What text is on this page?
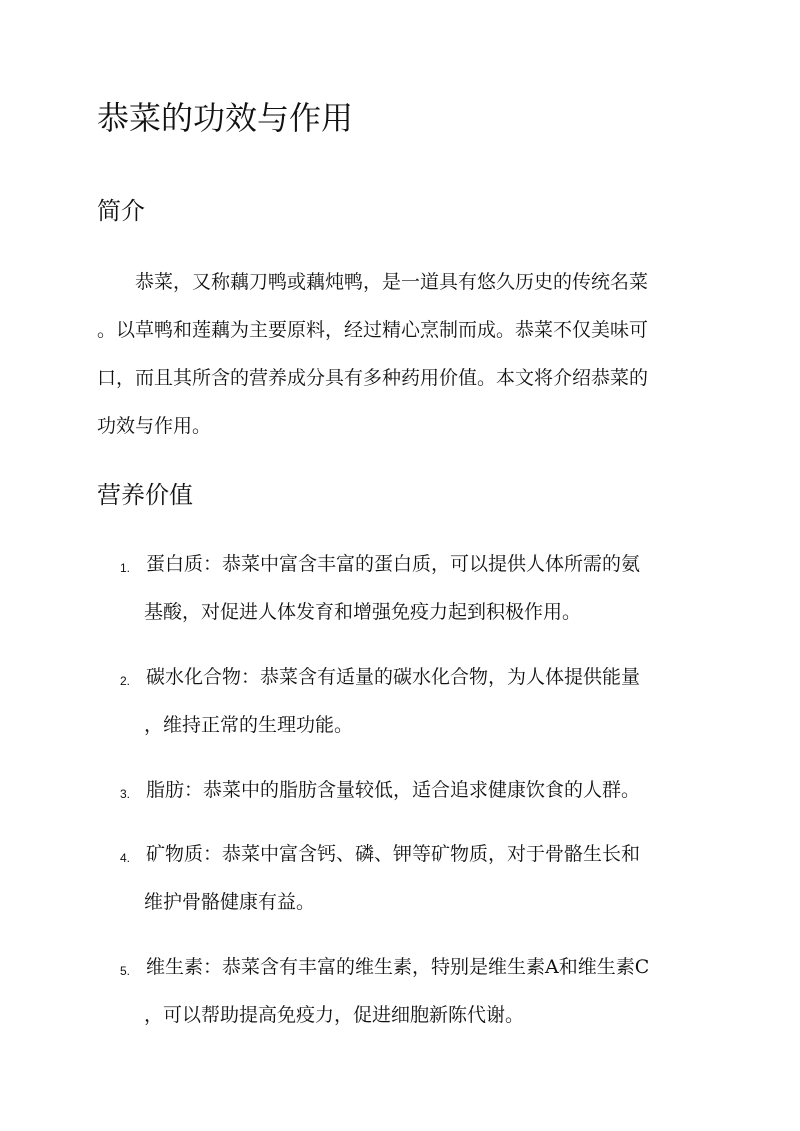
恭菜的功效与作用
简介
恭菜，又称藕刀鸭或藕炖鸭，是一道具有悠久历史的传统名菜
。以草鸭和莲藕为主要原料，经过精心烹制而成。恭菜不仅美味可
口，而且其所含的营养成分具有多种药用价值。本文将介绍恭菜的
功效与作用。
营养价值
1. 蛋白质：恭菜中富含丰富的蛋白质，可以提供人体所需的氨
基酸，对促进人体发育和增强免疫力起到积极作用。
2. 碳水化合物：恭菜含有适量的碳水化合物，为人体提供能量
，维持正常的生理功能。
3. 脂肪：恭菜中的脂肪含量较低，适合追求健康饮食的人群。
4. 矿物质：恭菜中富含钙、磷、钾等矿物质，对于骨骼生长和
维护骨骼健康有益。
5. 维生素：恭菜含有丰富的维生素，特别是维生素A和维生素C
，可以帮助提高免疫力，促进细胞新陈代谢。
